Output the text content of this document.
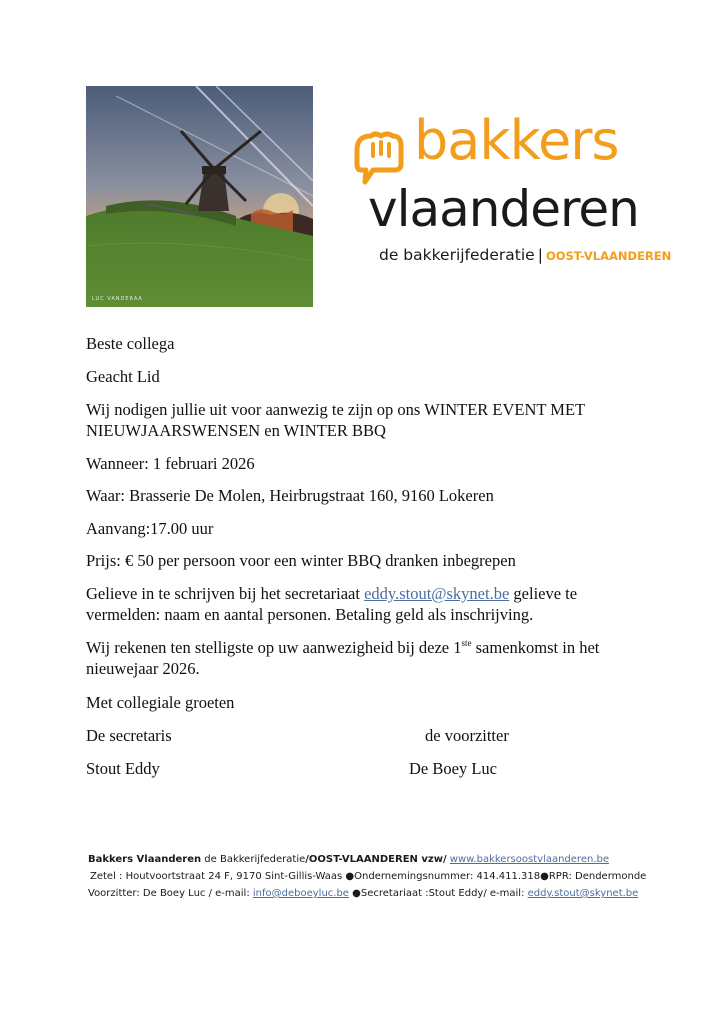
LUC VANDERAA
bakkers
vlaanderen
de bakkerijfederatie | OOST-VLAANDEREN

Beste collega

Geacht Lid

Wij nodigen jullie uit voor aanwezig te zijn op ons WINTER EVENT MET

NIEUWJAARSWENSEN en WINTER BBQ

Wanneer: 1 februari 2026

Waar: Brasserie De Molen, Heirbrugstraat 160, 9160 Lokeren

Aanvang:17.00 uur

Prijs: € 50 per persoon voor een winter BBQ dranken inbegrepen

Gelieve in te schrijven bij het secretariaat eddy.stout@skynet.be gelieve te

vermelden: naam en aantal personen. Betaling geld als inschrijving.

Wij rekenen ten stelligste op uw aanwezigheid bij deze 1ste samenkomst in het

nieuwejaar 2026.

Met collegiale groeten

De secretaris	de voorzitter

Stout Eddy	De Boey Luc

Bakkers Vlaanderen de Bakkerijfederatie/OOST-VLAANDEREN vzw/ www.bakkersoostvlaanderen.be
Zetel : Houtvoortstraat 24 F, 9170 Sint-Gillis-Waas ●Ondernemingsnummer: 414.411.318●RPR: Dendermonde
Voorzitter: De Boey Luc / e-mail: info@deboeyluc.be ●Secretariaat :Stout Eddy/ e-mail: eddy.stout@skynet.be
